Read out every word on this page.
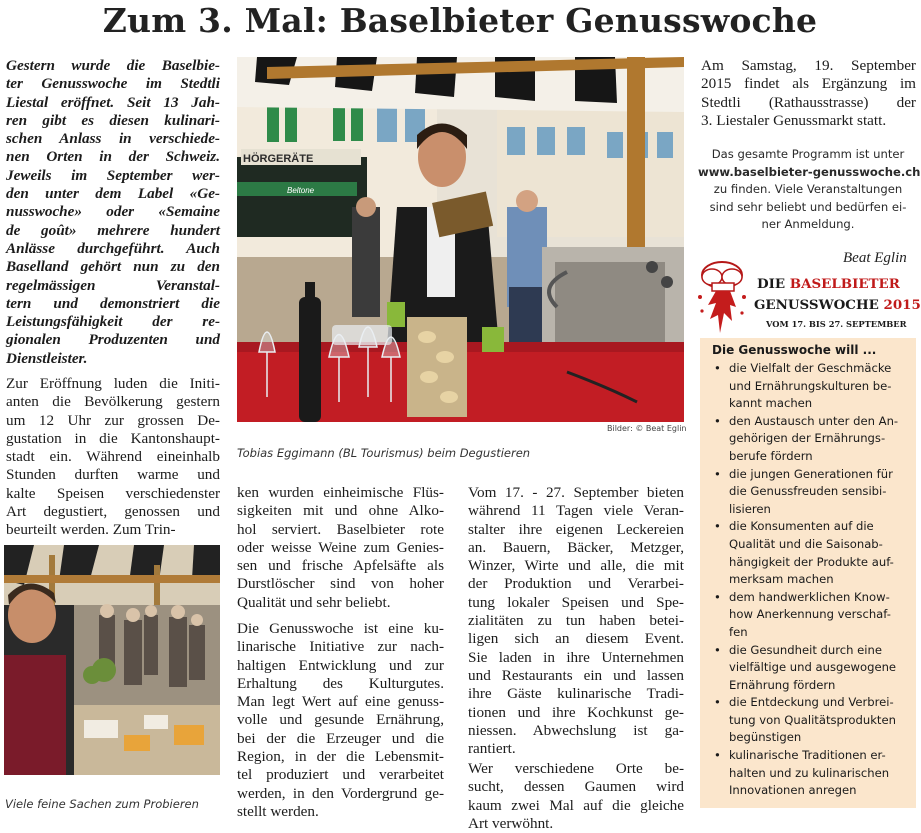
Zum 3. Mal: Baselbieter Genusswoche
Gestern wurde die Baselbie-
ter Genusswoche im Stedtli
Liestal eröffnet. Seit 13 Jah-
ren gibt es diesen kulinari-
schen Anlass in verschiede-
nen Orten in der Schweiz.
Jeweils im September wer-
den unter dem Label «Ge-
nusswoche» oder «Semaine
de goût» mehrere hundert
Anlässe durchgeführt. Auch
Baselland gehört nun zu den
regelmässigen Veranstal-
tern und demonstriert die
Leistungsfähigkeit der re-
gionalen Produzenten und
Dienstleister.
Zur Eröffnung luden die Initi-
anten die Bevölkerung gestern
um 12 Uhr zur grossen De-
gustation in die Kantonshaupt-
stadt ein. Während eineinhalb
Stunden durften warme und
kalte Speisen verschiedenster
Art degustiert, genossen und
beurteilt werden. Zum Trin-
Viele feine Sachen zum Probieren
HÖRGERÄTE
Beltone
Bilder: © Beat Eglin
Tobias Eggimann (BL Tourismus) beim Degustieren
ken wurden einheimische Flüs-
sigkeiten mit und ohne Alko-
hol serviert. Baselbieter rote
oder weisse Weine zum Genies-
sen und frische Apfelsäfte als
Durstlöscher sind von hoher
Qualität und sehr beliebt.
Die Genusswoche ist eine ku-
linarische Initiative zur nach-
haltigen Entwicklung und zur
Erhaltung des Kulturgutes.
Man legt Wert auf eine genuss-
volle und gesunde Ernährung,
bei der die Erzeuger und die
Region, in der die Lebensmit-
tel produziert und verarbeitet
werden, in den Vordergrund ge-
stellt werden.
Vom 17. - 27. September bieten
während 11 Tagen viele Veran-
stalter ihre eigenen Leckereien
an. Bauern, Bäcker, Metzger,
Winzer, Wirte und alle, die mit
der Produktion und Verarbei-
tung lokaler Speisen und Spe-
zialitäten zu tun haben betei-
ligen sich an diesem Event.
Sie laden in ihre Unternehmen
und Restaurants ein und lassen
ihre Gäste kulinarische Tradi-
tionen und ihre Kochkunst ge-
niessen. Abwechslung ist ga-
rantiert.
Wer verschiedene Orte be-
sucht, dessen Gaumen wird
kaum zwei Mal auf die gleiche
Art verwöhnt.
Am Samstag, 19. September
2015 findet als Ergänzung im
Stedtli (Rathausstrasse) der
3. Liestaler Genussmarkt statt.
Das gesamte Programm ist unter
www.baselbieter-genusswoche.ch
zu finden. Viele Veranstaltungen
sind sehr beliebt und bedürfen ei-
ner Anmeldung.
Beat Eglin
DIE BASELBIETER
GENUSSWOCHE 2015
VOM 17. BIS 27. SEPTEMBER
Die Genusswoche will ...
• die Vielfalt der Geschmäcke
und Ernährungskulturen be-
kannt machen
• den Austausch unter den An-
gehörigen der Ernährungs-
berufe fördern
• die jungen Generationen für
die Genussfreuden sensibi-
lisieren
• die Konsumenten auf die
Qualität und die Saisonab-
hängigkeit der Produkte auf-
merksam machen
• dem handwerklichen Know-
how Anerkennung verschaf-
fen
• die Gesundheit durch eine
vielfältige und ausgewogene
Ernährung fördern
• die Entdeckung und Verbrei-
tung von Qualitätsprodukten
begünstigen
• kulinarische Traditionen er-
halten und zu kulinarischen
Innovationen anregen
